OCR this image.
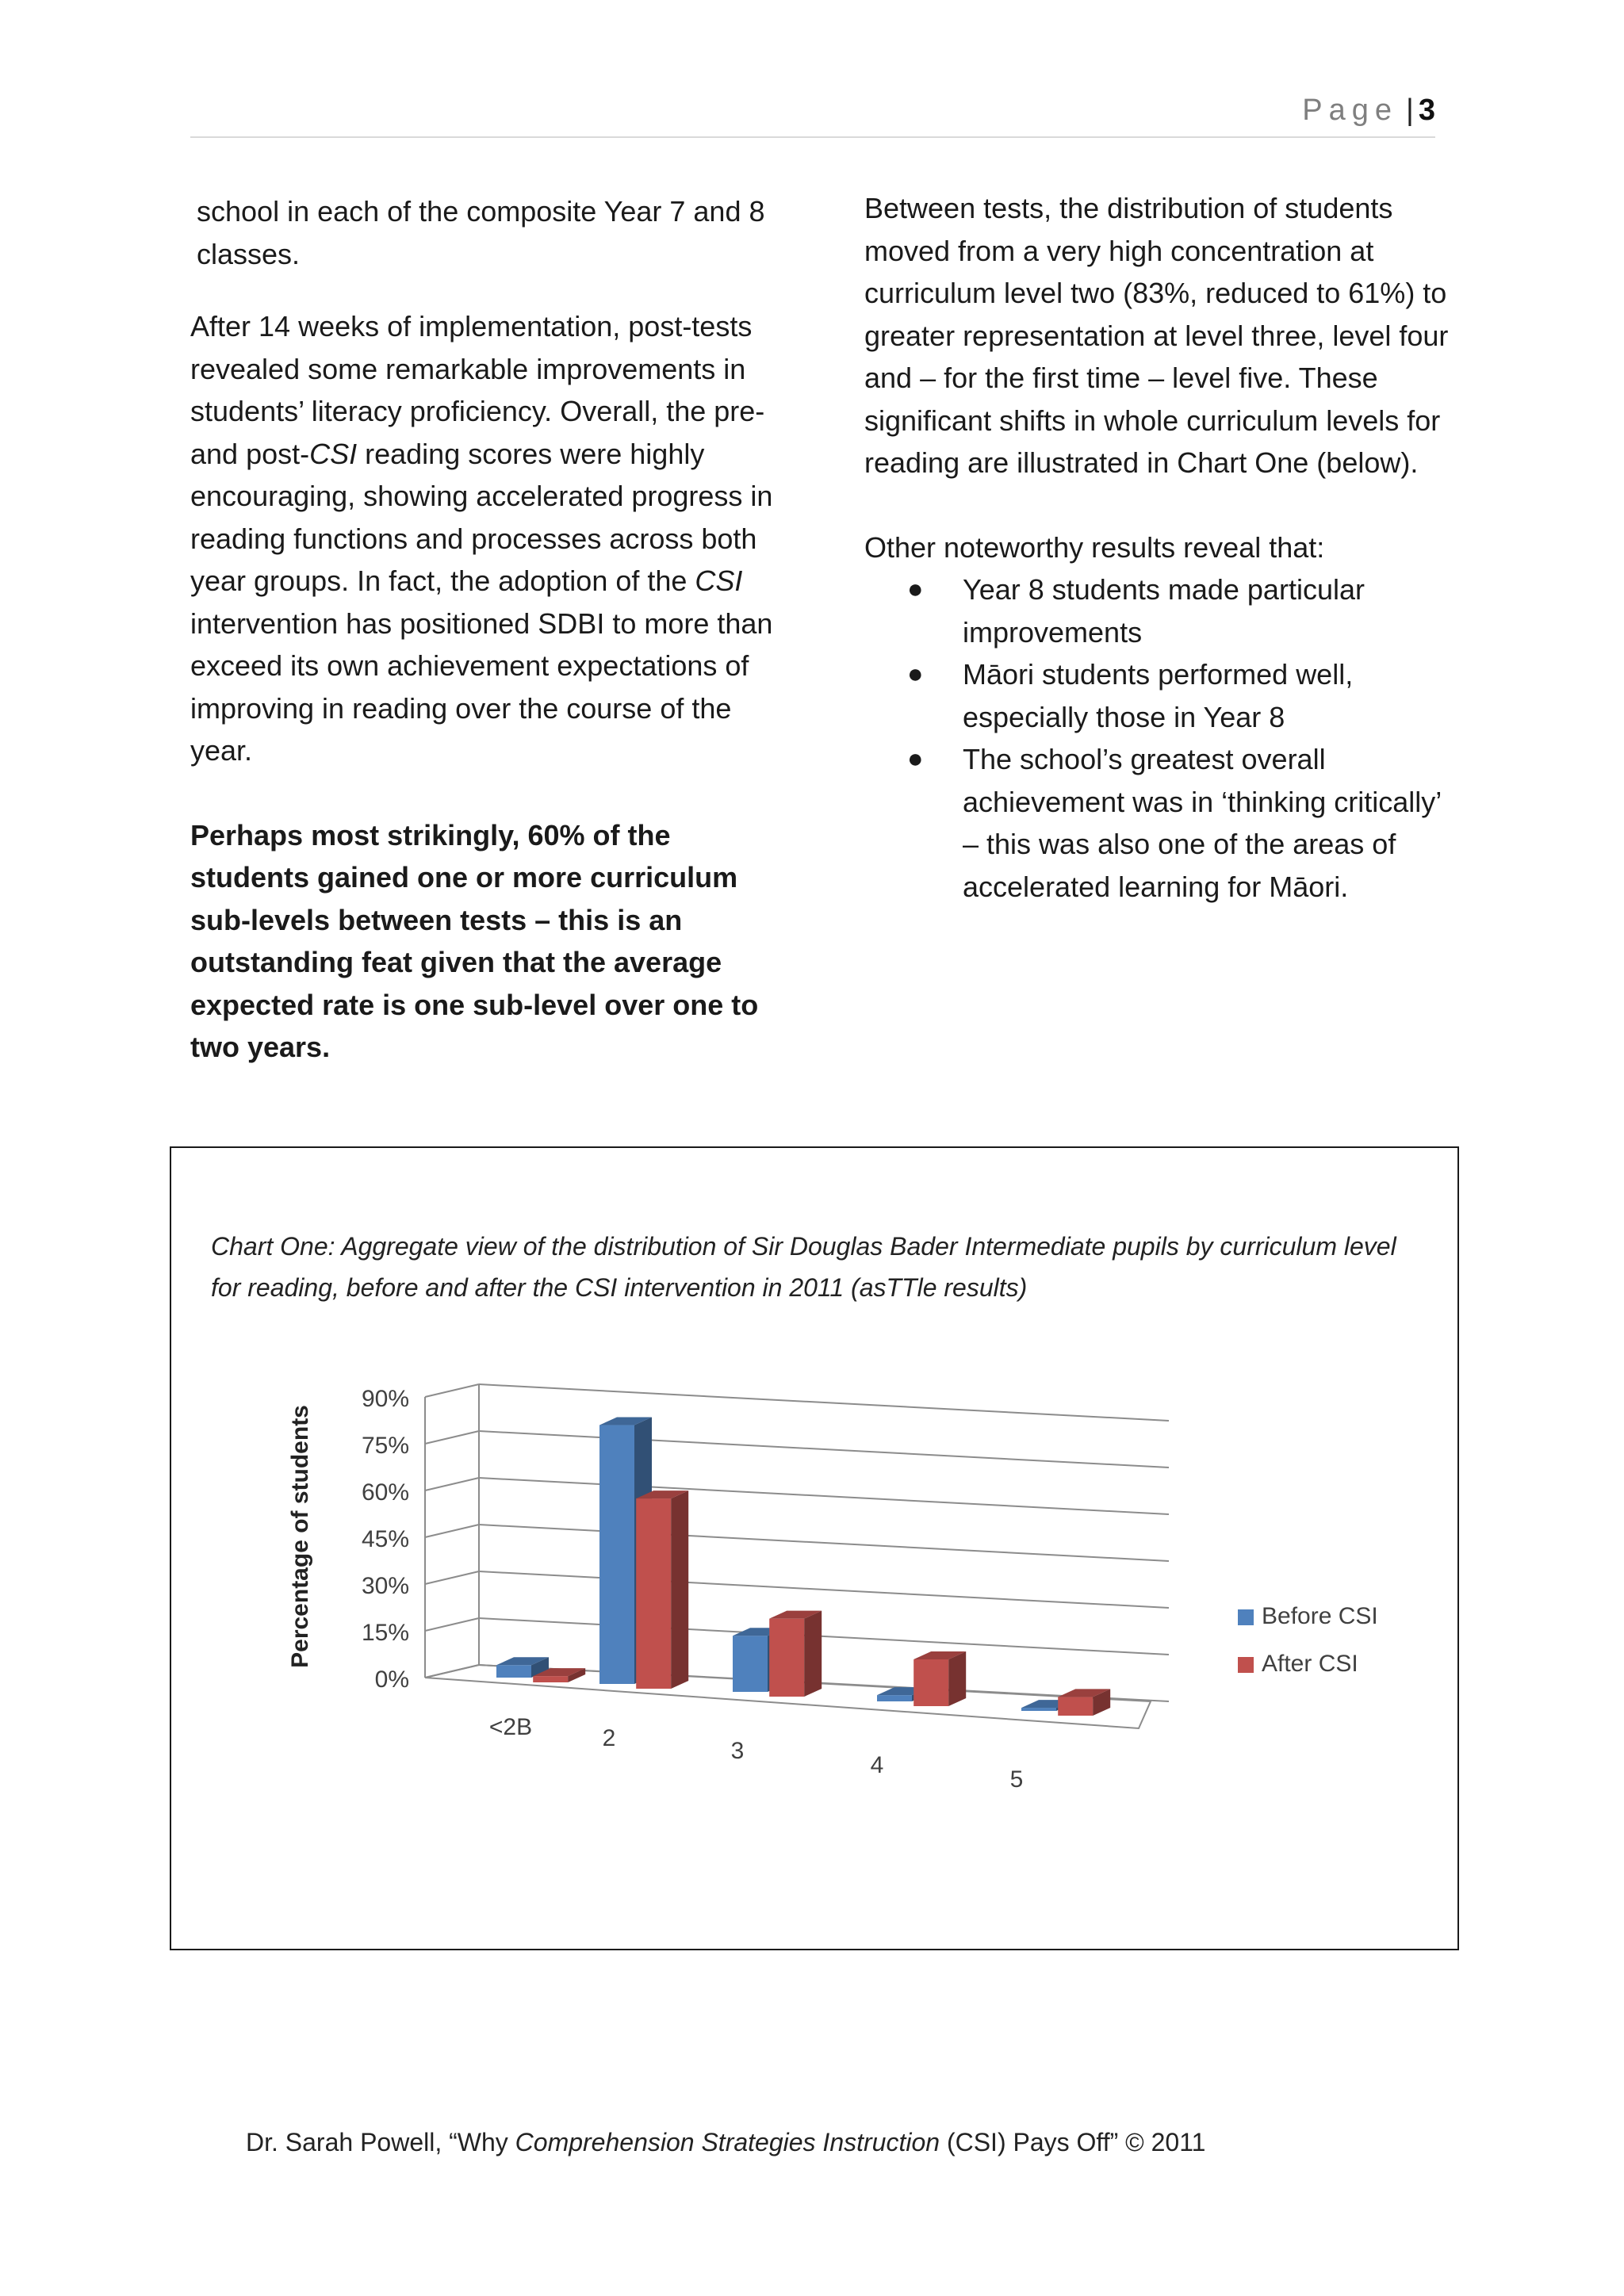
Page | 3

school in each of the composite Year 7 and 8 classes.

After 14 weeks of implementation, post-tests revealed some remarkable improvements in students’ literacy proficiency. Overall, the pre- and post-CSI reading scores were highly encouraging, showing accelerated progress in reading functions and processes across both year groups. In fact, the adoption of the CSI intervention has positioned SDBI to more than exceed its own achievement expectations of improving in reading over the course of the year.

Perhaps most strikingly, 60% of the students gained one or more curriculum sub-levels between tests – this is an outstanding feat given that the average expected rate is one sub-level over one to two years.

Between tests, the distribution of students moved from a very high concentration at curriculum level two (83%, reduced to 61%) to greater representation at level three, level four and – for the first time – level five. These significant shifts in whole curriculum levels for reading are illustrated in Chart One (below).

Other noteworthy results reveal that:

● Year 8 students made particular improvements
● Māori students performed well, especially those in Year 8
● The school’s greatest overall achievement was in ‘thinking critically’ – this was also one of the areas of accelerated learning for Māori.
Chart One: Aggregate view of the distribution of Sir Douglas Bader Intermediate pupils by curriculum level for reading, before and after the CSI intervention in 2011 (asTTle results)
0%
15%
30%
45%
60%
75%
90%
Percentage of students
<2B	2	3
4
5
Before CSI
After CSI
Dr. Sarah Powell, “Why Comprehension Strategies Instruction (CSI) Pays Off” © 2011
